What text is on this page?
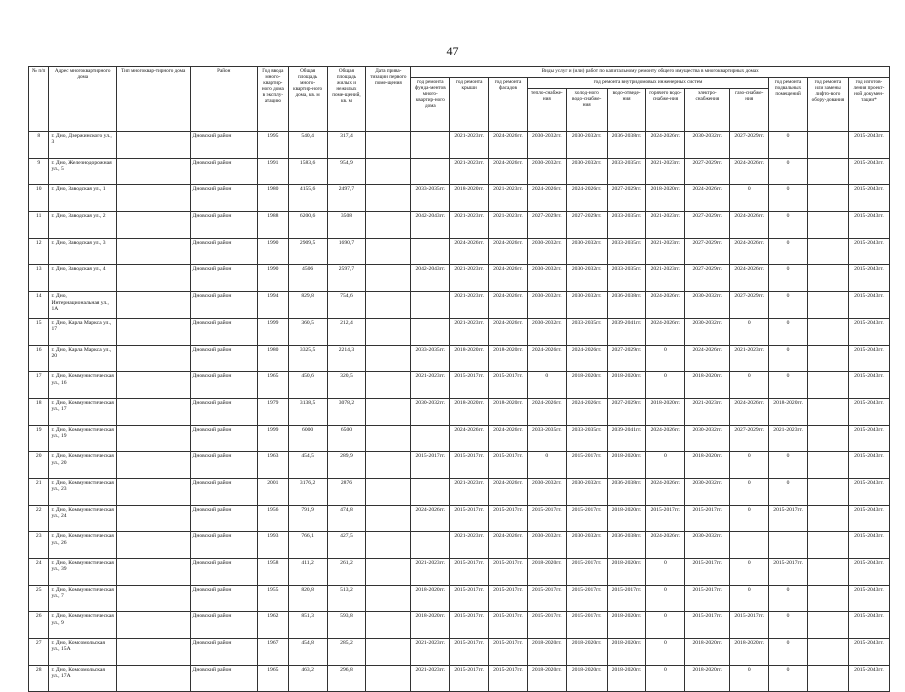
47
№ п/п	Адрес многоквартирного дома	Тип многоквар-тирного дома	Район	Год ввода много-квартир-ного дома в эксплу-атацию	Общая площадь много-квартир-ного дома, кв. м	Общая площадь жилых и нежилых поме-щений, кв. м	Дата прива-тизации первого поме-щения	Виды услуг и (или) работ по капитальному ремонту общего имущества в многоквартирных домах											
								год ремонта фунда-ментов много-квартир-ного дома	год ремонта крыши	год ремонта фасадов	год ремонта внутридомовых инженерных систем						год ремонта подвальных помещений	год ремонта или замены лифто-вого обору-дования	год изготов-ления проект-ной докумен-тации*
											тепло-снабже-ния	холод-ного водо-снабже-ния	водо-отведе-ния	горячего водо-снабже-ния	электро-снабжения	газо-снабже-ния			
8	г. Дно, Дзержинского ул., 3		Дновский район	1995	540,4	317,4			2021-2023гг.	2024-2026гг.	2030-2032гг.	2030-2032гг.	2036-2038гг.	2024-2026гг.	2030-2032гг.	2027-2029гг.	0		2015-2043гг.
9	г. Дно, Железнодорожная ул., 5		Дновский район	1991	1583,6	954,9			2021-2023гг.	2024-2026гг.	2030-2032гг.	2030-2032гг.	2033-2035гг.	2021-2023гг.	2027-2029гг.	2024-2026гг.	0		2015-2043гг.
10	г. Дно, Заводская ул., 1		Дновский район	1980	4155,6	2497,7		2033-2035гг.	2018-2020гг.	2021-2023гг.	2024-2026гг.	2024-2026гг.	2027-2029гг.	2018-2020гг.	2024-2026гг.	0	0		2015-2043гг.
11	г. Дно, Заводская ул., 2		Дновский район	1988	6200,6	3508		2042-2043гг.	2021-2023гг.	2021-2023гг.	2027-2029гг.	2027-2029гг.	2033-2035гг.	2021-2023гг.	2027-2029гг.	2024-2026гг.	0		2015-2043гг.
12	г. Дно, Заводская ул., 3		Дновский район	1990	2909,5	1690,7			2024-2026гг.	2024-2026гг.	2030-2032гг.	2030-2032гг.	2033-2035гг.	2021-2023гг.	2027-2029гг.	2024-2026гг.	0		2015-2043гг.
13	г. Дно, Заводская ул., 4		Дновский район	1990	4506	2597,7		2042-2043гг.	2021-2023гг.	2024-2026гг.	2030-2032гг.	2030-2032гг.	2033-2035гг.	2021-2023гг.	2027-2029гг.	2024-2026гг.	0		2015-2043гг.
14	г. Дно, Интернациональная ул., 1А		Дновский район	1994	829,8	754,6			2021-2023гг.	2024-2026гг.	2030-2032гг.	2030-2032гг.	2036-2038гг.	2024-2026гг.	2030-2032гг.	2027-2029гг.	0		2015-2043гг.
15	г. Дно, Карла Маркса ул., 17		Дновский район	1999	360,5	212,4			2021-2023гг.	2024-2026гг.	2030-2032гг.	2033-2035гг.	2039-2041гг.	2024-2026гг.	2030-2032гг.	0	0		2015-2043гг.
16	г. Дно, Карла Маркса ул., 20		Дновский район	1980	3325,5	2214,3		2033-2035гг.	2018-2020гг.	2018-2020гг.	2024-2026гг.	2024-2026гг.	2027-2029гг.	0	2024-2026гг.	2021-2023гг.	0		2015-2043гг.
17	г. Дно, Коммунистическая ул., 16		Дновский район	1965	450,6	320,5		2021-2023гг.	2015-2017гг.	2015-2017гг.	0	2018-2020гг.	2018-2020гг.	0	2018-2020гг.	0	0		2015-2043гг.
18	г. Дно, Коммунистическая ул., 17		Дновский район	1979	3138,5	3078,2		2030-2032гг.	2018-2020гг.	2018-2020гг.	2024-2026гг.	2024-2026гг.	2027-2029гг.	2018-2020гг.	2021-2023гг.	2024-2026гг.	2018-2020гг.		2015-2043гг.
19	г. Дно, Коммунистическая ул., 19		Дновский район	1999	6000	6500			2024-2026гг.	2024-2026гг.	2033-2035гг.	2033-2035гг.	2039-2041гг.	2024-2026гг.	2030-2032гг.	2027-2029гг.	2021-2023гг.		2015-2043гг.
20	г. Дно, Коммунистическая ул., 20		Дновский район	1963	454,5	289,9		2015-2017гг.	2015-2017гг.	2015-2017гг.	0	2015-2017гг.	2018-2020гг.	0	2018-2020гг.	0	0		2015-2043гг.
21	г. Дно, Коммунистическая ул., 23		Дновский район	2001	3176,2	2876			2021-2023гг.	2024-2026гг.	2030-2032гг.	2030-2032гг.	2036-2038гг.	2024-2026гг.	2030-2032гг.	0	0		2015-2043гг.
22	г. Дно, Коммунистическая ул., 24		Дновский район	1956	791,9	474,8		2024-2026гг.	2015-2017гг.	2015-2017гг.	2015-2017гг.	2015-2017гг.	2018-2020гг.	2015-2017гг.	2015-2017гг.	0	2015-2017гг.		2015-2043гг.
23	г. Дно, Коммунистическая ул., 26		Дновский район	1993	766,1	427,5			2021-2023гг.	2024-2026гг.	2030-2032гг.	2030-2032гг.	2036-2038гг.	2024-2026гг.	2030-2032гг.				2015-2043гг.
24	г. Дно, Коммунистическая ул., 39		Дновский район	1958	411,2	261,2		2021-2023гг.	2015-2017гг.	2015-2017гг.	2018-2020гг.	2015-2017гг.	2018-2020гг.	0	2015-2017гг.	0	2015-2017гг.		2015-2043гг.
25	г. Дно, Коммунистическая ул., 7		Дновский район	1955	820,8	513,2		2018-2020гг.	2015-2017гг.	2015-2017гг.	2015-2017гг.	2015-2017гг.	2015-2017гг.	0	2015-2017гг.	0	0		2015-2043гг.
26	г. Дно, Коммунистическая ул., 9		Дновский район	1962	851,3	593,8		2018-2020гг.	2015-2017гг.	2015-2017гг.	2015-2017гг.	2015-2017гг.	2018-2020гг.	0	2015-2017гг.	2015-2017гг.	0		2015-2043гг.
27	г. Дно, Комсомольская ул., 15А		Дновский район	1967	454,8	285,2		2021-2023гг.	2015-2017гг.	2015-2017гг.	2018-2020гг.	2018-2020гг.	2018-2020гг.	0	2018-2020гг.	2018-2020гг.	0		2015-2043гг.
28	г. Дно, Комсомольская ул., 17А		Дновский район	1965	463,2	296,8		2021-2023гг.	2015-2017гг.	2015-2017гг.	2018-2020гг.	2018-2020гг.	2018-2020гг.	0	2018-2020гг.	0	0		2015-2043гг.
